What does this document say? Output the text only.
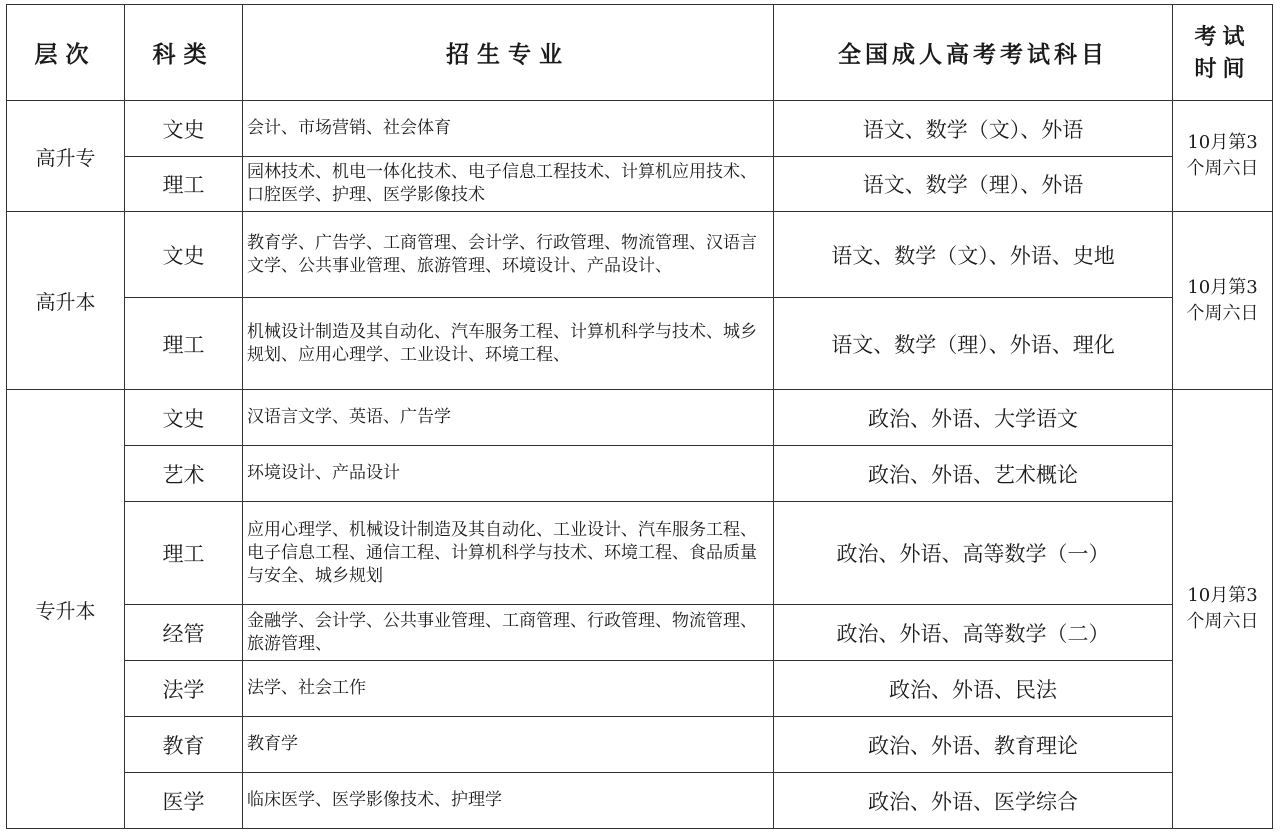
层次	科类	招生专业	全国成人高考考试科目	考试
时间

高升专	文史	会计、市场营销、社会体育	语文、数学（文）、外语	10月第3
个周六日

	理工	园林技术、机电一体化技术、电子信息工程技术、计算机应用技术、口腔医学、护理、医学影像技术	语文、数学（理）、外语	
高升本	文史	教育学、广告学、工商管理、会计学、行政管理、物流管理、汉语言文学、公共事业管理、旅游管理、环境设计、产品设计、	语文、数学（文）、外语、史地	10月第3
个周六日

	理工	机械设计制造及其自动化、汽车服务工程、计算机科学与技术、城乡规划、应用心理学、工业设计、环境工程、	语文、数学（理）、外语、理化	
专升本	文史	汉语言文学、英语、广告学	政治、外语、大学语文	10月第3
个周六日

	艺术	环境设计、产品设计	政治、外语、艺术概论	
	理工	应用心理学、机械设计制造及其自动化、工业设计、汽车服务工程、电子信息工程、通信工程、计算机科学与技术、环境工程、食品质量与安全、城乡规划	政治、外语、高等数学（一）	
	经管	金融学、会计学、公共事业管理、工商管理、行政管理、物流管理、旅游管理、	政治、外语、高等数学（二）	
	法学	法学、社会工作	政治、外语、民法	
	教育	教育学	政治、外语、教育理论	
	医学	临床医学、医学影像技术、护理学	政治、外语、医学综合	
